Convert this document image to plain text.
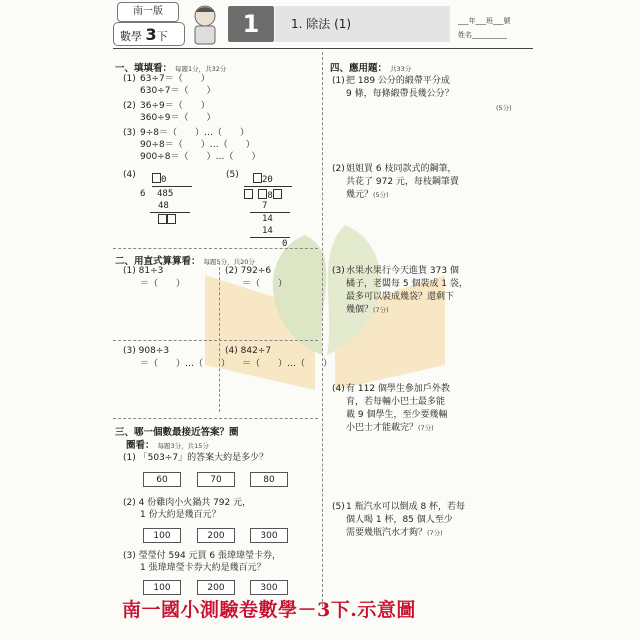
南一版
數學 3下	1	1. 除法 (1)	___年___班___號
姓名__________
一、填填看： 每題1分，共32分
(1) 63÷7＝（　　）
630÷7＝（　　）
(2) 36÷9＝（　　）
360÷9＝（　　）
(3) 9÷8＝（　　）…（　　）
90÷8＝（　　）…（　　）
900÷8＝（　　）…（　　）
(4)	0
6 485
48
(5)	20
8
7
14
14
0
二、用直式算算看： 每題5分，共20分
(1) 81÷3
＝（　　）
(2) 792÷6
＝（　　）
(3) 908÷3
＝（　　）…（　　）
(4) 842÷7
＝（　　）…（　　）
三、哪一個數最接近答案？圈
圈看： 每題3分，共15分
(1) 「503÷7」的答案大約是多少？
60	70	80
(2) 4 份雞肉小火鍋共 792 元，
1 份大約是幾百元？
100	200	300
(3) 瑩瑩付 594 元買 6 張瑋瑋瑩卡券，
1 張瑋瑋瑩卡券大約是幾百元？
100	200	300
四、應用題： 共33分
(1) 把 189 公分的緞帶平分成
9 條，每條緞帶長幾公分？
(5分)
(2) 姐姐買 6 枝同款式的鋼筆，
共花了 972 元，每枝鋼筆賣
幾元？(5分)
(3) 水果水果行今天進貨 373 個
橘子，老闆每 5 個裝成 1 袋，
最多可以裝成幾袋？還剩下
幾個？(7分)
(4) 有 112 個學生參加戶外教
育，若每輛小巴士最多能
載 9 個學生，至少要幾輛
小巴士才能載完？(7分)
(5) 1 瓶汽水可以倒成 8 杯，若每
個人喝 1 杯，85 個人至少
需要幾瓶汽水才夠？(7分)
南一國小測驗卷數學－3下.示意圖
